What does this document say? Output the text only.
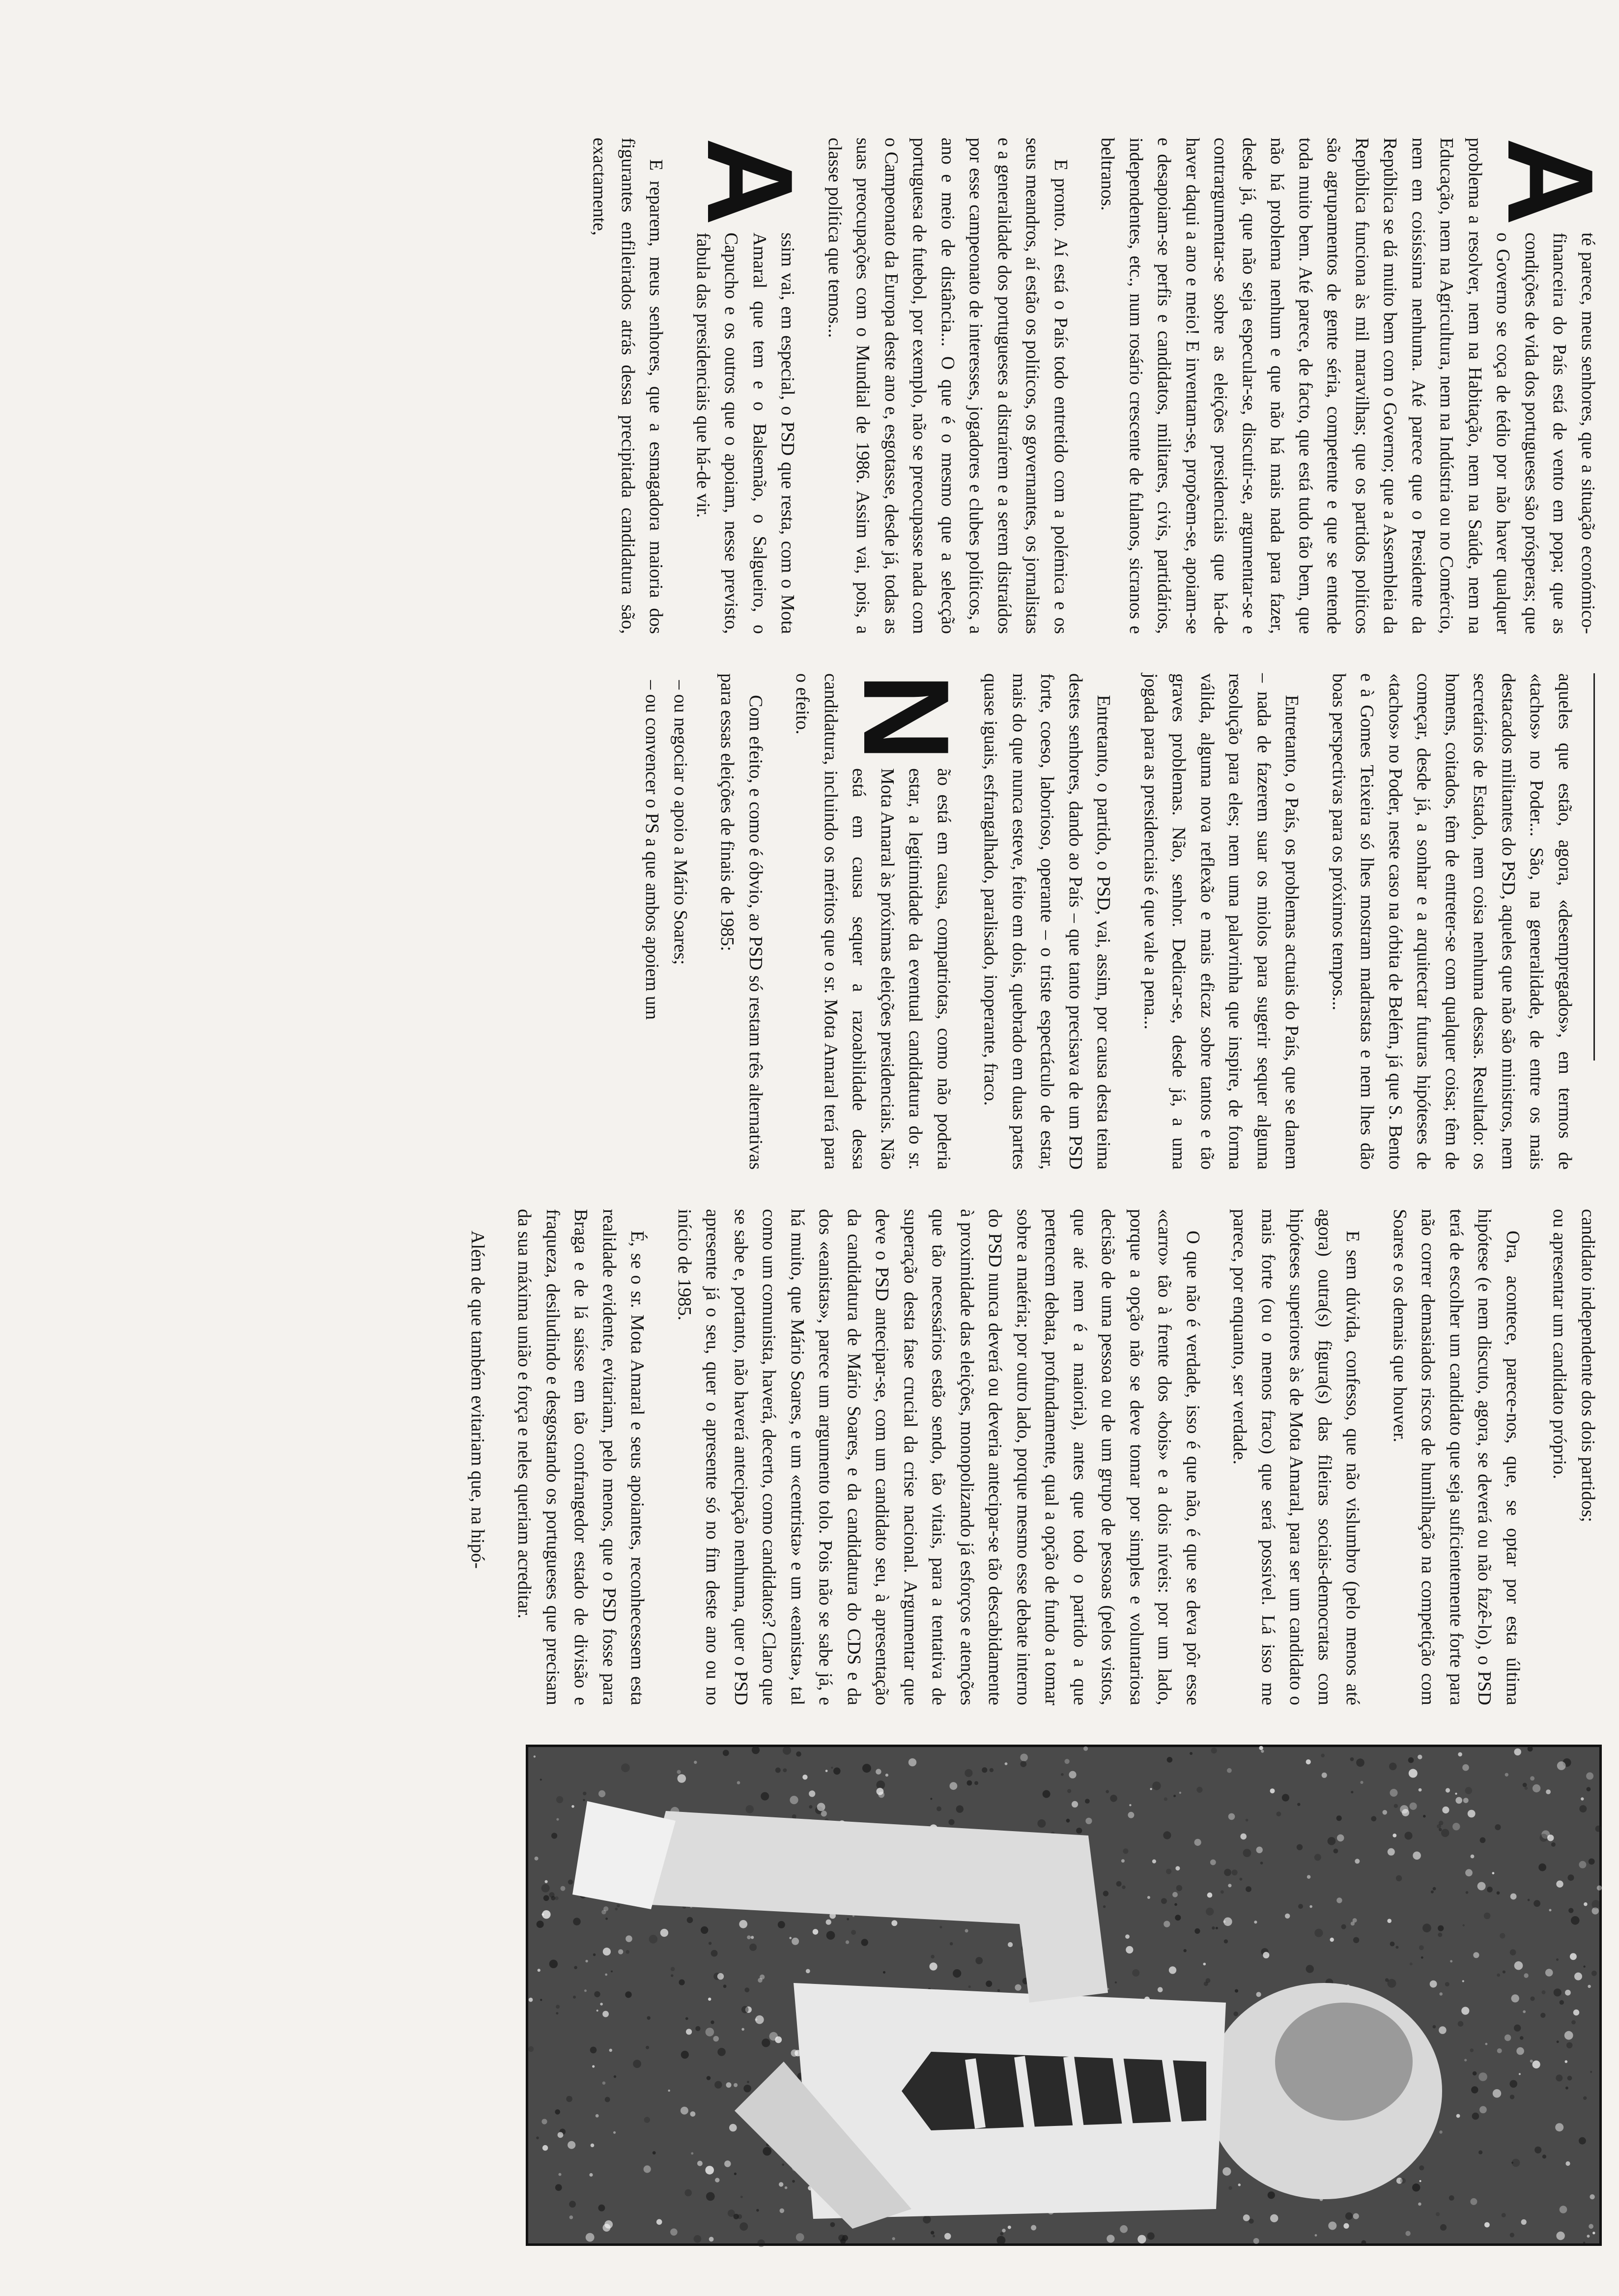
A
té parece, meus senhores, que a situação económico-financeira do País está de vento em popa; que as condições de vida dos portugueses são prósperas; que o Governo se coça de tédio por não haver qualquer problema a resolver, nem na Habitação, nem na Saúde, nem na Educação, nem na Agricultura, nem na Indústria ou no Comércio, nem em coisíssima nenhuma. Até parece que o Presidente da República se dá muito bem com o Governo; que a Assembleia da República funciona às mil maravilhas; que os partidos políticos são agrupamentos de gente séria, competente e que se entende toda muito bem. Até parece, de facto, que está tudo tão bem, que não há problema nenhum e que não há mais nada para fazer, desde já, que não seja especular-se, discutir-se, argumentar-se e contrargumentar-se sobre as eleições presidenciais que há-de haver daqui a ano e meio! E inventam-se, propõem-se, apoiam-se e desapoiam-se perfis e candidatos, militares, civis, partidários, independentes, etc., num rosário crescente de fulanos, sicranos e beltranos.

E pronto. Aí está o País todo entretido com a polémica e os seus meandros, aí estão os políticos, os governantes, os jornalistas e a generalidade dos portugueses a distraírem e a serem distraídos por esse campeonato de interesses, jogadores e clubes políticos, a ano e meio de distância... O que é o mesmo que a selecção portuguesa de futebol, por exemplo, não se preocupasse nada com o Campeonato da Europa deste ano e, esgotasse, desde já, todas as suas preocupações com o Mundial de 1986. Assim vai, pois, a classe política que temos...

A
ssim vai, em especial, o PSD que resta, com o Mota Amaral que tem e o Balsemão, o Salgueiro, o Capucho e os outros que o apoiam, nesse previsto, fabula das presidenciais que há-de vir.

E reparem, meus senhores, que a esmagadora maioria dos figurantes enfileirados atrás dessa precipitada candidatura são, exactamente,

aqueles que estão, agora, «desempregados», em termos de «tachos» no Poder... São, na generalidade, de entre os mais destacados militantes do PSD, aqueles que não são ministros, nem secretários de Estado, nem coisa nenhuma dessas. Resultado: os homens, coitados, têm de entreter-se com qualquer coisa; têm de começar, desde já, a sonhar e a arquitectar futuras hipóteses de «tachos» no Poder, neste caso na órbita de Belém, já que S. Bento e à Gomes Teixeira só lhes mostram madrastas e nem lhes dão boas perspectivas para os próximos tempos...

Entretanto, o País, os problemas actuais do País, que se danem – nada de fazerem suar os miolos para sugerir sequer alguma resolução para eles; nem uma palavrinha que inspire, de forma válida, alguma nova reflexão e mais eficaz sobre tantos e tão graves problemas. Não, senhor. Dedicar-se, desde já, a uma jogada para as presidenciais é que vale a pena...

Entretanto, o partido, o PSD, vai, assim, por causa desta teima destes senhores, dando ao País – que tanto precisava de um PSD forte, coeso, laborioso, operante – o triste espectáculo de estar, mais do que nunca esteve, feito em dois, quebrado em duas partes quase iguais, esfrangalhado, paralisado, inoperante, fraco.

N
ão está em causa, compatriotas, como não poderia estar, a legitimidade da eventual candidatura do sr. Mota Amaral às próximas eleições presidenciais. Não está em causa sequer a razoabilidade dessa candidatura, incluindo os méritos que o sr. Mota Amaral terá para o efeito.

Com efeito, e como é óbvio, ao PSD só restam três alternativas para essas eleições de finais de 1985:

– ou negociar o apoio a Mário Soares;

– ou convencer o PS a que ambos apoiem um

candidato independente dos dois partidos;

ou apresentar um candidato próprio.

Ora, acontece, parece-nos, que, se optar por esta última hipótese (e nem discuto, agora, se deverá ou não fazê-lo), o PSD terá de escolher um candidato que seja suficientemente forte para não correr demasiados riscos de humilhação na competição com Soares e os demais que houver.

E sem dúvida, confesso, que não vislumbro (pelo menos até agora) outra(s) figura(s) das fileiras sociais-democratas com hipóteses superiores às de Mota Amaral, para ser um candidato o mais forte (ou o menos fraco) que será possível. Lá isso me parece, por enquanto, ser verdade.

O que não é verdade, isso é que não, é que se deva pôr esse «carro» tão à frente dos «bois» e a dois níveis: por um lado, porque a opção não se deve tomar por simples e voluntariosa decisão de uma pessoa ou de um grupo de pessoas (pelos vistos, que até nem é a maioria), antes que todo o partido a que pertencem debata, profundamente, qual a opção de fundo a tomar sobre a matéria; por outro lado, porque mesmo esse debate interno do PSD nunca deverá ou deveria antecipar-se tão descabidamente à proximidade das eleições, monopolizando já esforços e atenções que tão necessários estão sendo, tão vitais, para a tentativa de superação desta fase crucial da crise nacional. Argumentar que deve o PSD antecipar-se, com um candidato seu, à apresentação da candidatura de Mário Soares, e da candidatura do CDS e da dos «eanistas», parece um argumento tolo. Pois não se sabe já, e há muito, que Mário Soares, e um «centrista» e um «eanista», tal como um comunista, haverá, decerto, como candidatos? Claro que se sabe e, portanto, não haverá antecipação nenhuma, quer o PSD apresente já o seu, quer o apresente só no fim deste ano ou no início de 1985.

É, se o sr. Mota Amaral e seus apoiantes, reconhecessem esta realidade evidente, evitariam, pelo menos, que o PSD fosse para Braga e de lá saísse em tão confrangedor estado de divisão e fraqueza, desiludindo e desgostando os portugueses que precisam da sua máxima união e força e neles queriam acreditar.

Além de que também evitariam que, na hipó-
